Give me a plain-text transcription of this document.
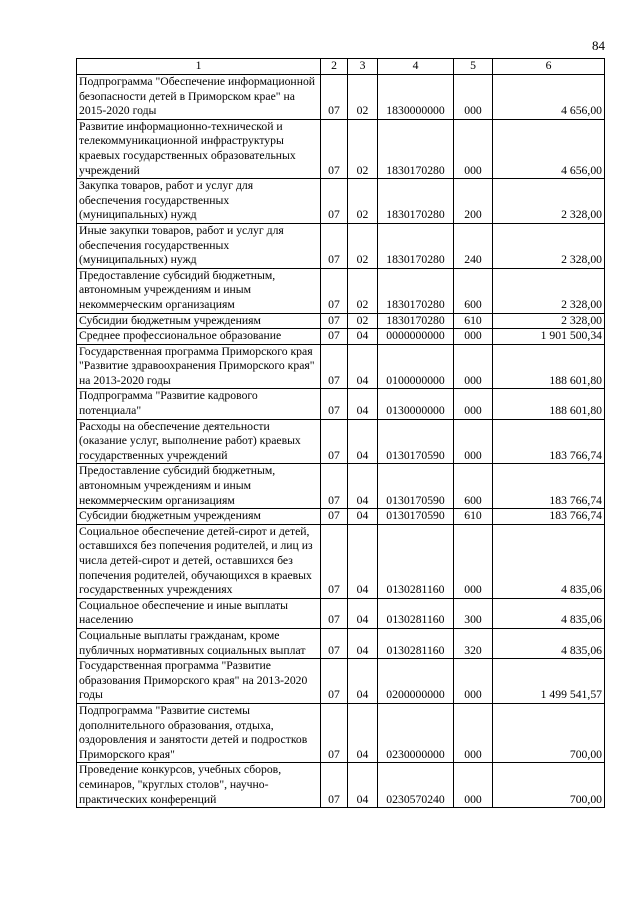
84
1	2	3	4	5	6
Подпрограмма "Обеспечение информационной безопасности детей в Приморском крае" на 2015-2020 годы	07	02	1830000000	000	4 656,00
Развитие информационно-технической и телекоммуникационной инфраструктуры краевых государственных образовательных учреждений	07	02	1830170280	000	4 656,00
Закупка товаров, работ и услуг для обеспечения государственных (муниципальных) нужд	07	02	1830170280	200	2 328,00
Иные закупки товаров, работ и услуг для обеспечения государственных (муниципальных) нужд	07	02	1830170280	240	2 328,00
Предоставление субсидий бюджетным, автономным учреждениям и иным некоммерческим организациям	07	02	1830170280	600	2 328,00
Субсидии бюджетным учреждениям	07	02	1830170280	610	2 328,00
Среднее профессиональное образование	07	04	0000000000	000	1 901 500,34
Государственная программа Приморского края "Развитие здравоохранения Приморского края" на 2013-2020 годы	07	04	0100000000	000	188 601,80
Подпрограмма "Развитие кадрового потенциала"	07	04	0130000000	000	188 601,80
Расходы на обеспечение деятельности (оказание услуг, выполнение работ) краевых государственных учреждений	07	04	0130170590	000	183 766,74
Предоставление субсидий бюджетным, автономным учреждениям и иным некоммерческим организациям	07	04	0130170590	600	183 766,74
Субсидии бюджетным учреждениям	07	04	0130170590	610	183 766,74
Социальное обеспечение детей-сирот и детей, оставшихся без попечения родителей, и лиц из числа детей-сирот и детей, оставшихся без попечения родителей, обучающихся в краевых государственных учреждениях	07	04	0130281160	000	4 835,06
Социальное обеспечение и иные выплаты населению	07	04	0130281160	300	4 835,06
Социальные выплаты гражданам, кроме публичных нормативных социальных выплат	07	04	0130281160	320	4 835,06
Государственная программа "Развитие образования Приморского края" на 2013-2020 годы	07	04	0200000000	000	1 499 541,57
Подпрограмма "Развитие системы дополнительного образования, отдыха, оздоровления и занятости детей и подростков Приморского края"	07	04	0230000000	000	700,00
Проведение конкурсов, учебных сборов, семинаров, "круглых столов", научно-практических конференций	07	04	0230570240	000	700,00
